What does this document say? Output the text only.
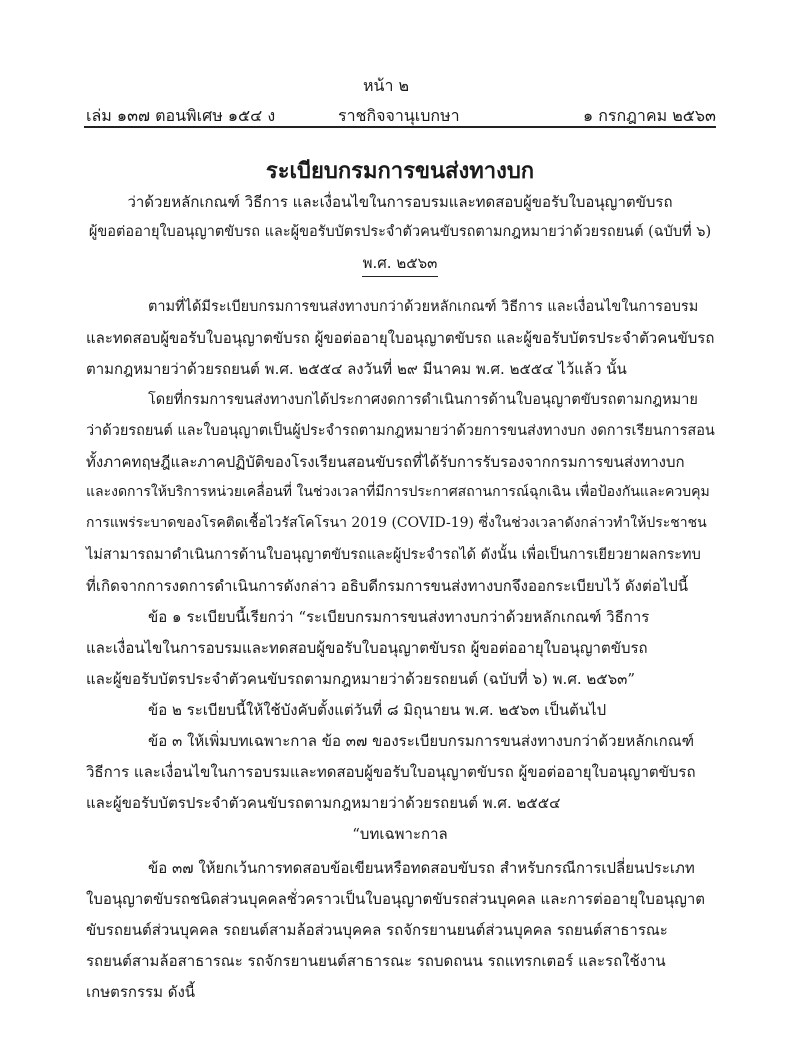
หน้า ๒
เล่ม ๑๓๗ ตอนพิเศษ ๑๕๔ ง	ราชกิจจานุเบกษา	๑ กรกฎาคม ๒๕๖๓
ระเบียบกรมการขนส่งทางบก
ว่าด้วยหลักเกณฑ์ วิธีการ และเงื่อนไขในการอบรมและทดสอบผู้ขอรับใบอนุญาตขับรถ
ผู้ขอต่ออายุใบอนุญาตขับรถ และผู้ขอรับบัตรประจำตัวคนขับรถตามกฎหมายว่าด้วยรถยนต์ (ฉบับที่ ๖)
พ.ศ. ๒๕๖๓
ตามที่ได้มีระเบียบกรมการขนส่งทางบกว่าด้วยหลักเกณฑ์ วิธีการ และเงื่อนไขในการอบรม
และทดสอบผู้ขอรับใบอนุญาตขับรถ ผู้ขอต่ออายุใบอนุญาตขับรถ และผู้ขอรับบัตรประจำตัวคนขับรถ
ตามกฎหมายว่าด้วยรถยนต์ พ.ศ. ๒๕๕๔ ลงวันที่ ๒๙ มีนาคม พ.ศ. ๒๕๕๔ ไว้แล้ว นั้น
โดยที่กรมการขนส่งทางบกได้ประกาศงดการดำเนินการด้านใบอนุญาตขับรถตามกฎหมาย
ว่าด้วยรถยนต์ และใบอนุญาตเป็นผู้ประจำรถตามกฎหมายว่าด้วยการขนส่งทางบก งดการเรียนการสอน
ทั้งภาคทฤษฎีและภาคปฏิบัติของโรงเรียนสอนขับรถที่ได้รับการรับรองจากกรมการขนส่งทางบก
และงดการให้บริการหน่วยเคลื่อนที่ ในช่วงเวลาที่มีการประกาศสถานการณ์ฉุกเฉิน เพื่อป้องกันและควบคุม
การแพร่ระบาดของโรคติดเชื้อไวรัสโคโรนา 2019 (COVID-19) ซึ่งในช่วงเวลาดังกล่าวทำให้ประชาชน
ไม่สามารถมาดำเนินการด้านใบอนุญาตขับรถและผู้ประจำรถได้ ดังนั้น เพื่อเป็นการเยียวยาผลกระทบ
ที่เกิดจากการงดการดำเนินการดังกล่าว อธิบดีกรมการขนส่งทางบกจึงออกระเบียบไว้ ดังต่อไปนี้
ข้อ ๑ ระเบียบนี้เรียกว่า “ระเบียบกรมการขนส่งทางบกว่าด้วยหลักเกณฑ์ วิธีการ
และเงื่อนไขในการอบรมและทดสอบผู้ขอรับใบอนุญาตขับรถ ผู้ขอต่ออายุใบอนุญาตขับรถ
และผู้ขอรับบัตรประจำตัวคนขับรถตามกฎหมายว่าด้วยรถยนต์ (ฉบับที่ ๖) พ.ศ. ๒๕๖๓”
ข้อ ๒ ระเบียบนี้ให้ใช้บังคับตั้งแต่วันที่ ๘ มิถุนายน พ.ศ. ๒๕๖๓ เป็นต้นไป
ข้อ ๓ ให้เพิ่มบทเฉพาะกาล ข้อ ๓๗ ของระเบียบกรมการขนส่งทางบกว่าด้วยหลักเกณฑ์
วิธีการ และเงื่อนไขในการอบรมและทดสอบผู้ขอรับใบอนุญาตขับรถ ผู้ขอต่ออายุใบอนุญาตขับรถ
และผู้ขอรับบัตรประจำตัวคนขับรถตามกฎหมายว่าด้วยรถยนต์ พ.ศ. ๒๕๕๔
“บทเฉพาะกาล
ข้อ ๓๗ ให้ยกเว้นการทดสอบข้อเขียนหรือทดสอบขับรถ สำหรับกรณีการเปลี่ยนประเภท
ใบอนุญาตขับรถชนิดส่วนบุคคลชั่วคราวเป็นใบอนุญาตขับรถส่วนบุคคล และการต่ออายุใบอนุญาต
ขับรถยนต์ส่วนบุคคล รถยนต์สามล้อส่วนบุคคล รถจักรยานยนต์ส่วนบุคคล รถยนต์สาธารณะ
รถยนต์สามล้อสาธารณะ รถจักรยานยนต์สาธารณะ รถบดถนน รถแทรกเตอร์ และรถใช้งาน
เกษตรกรรม ดังนี้
